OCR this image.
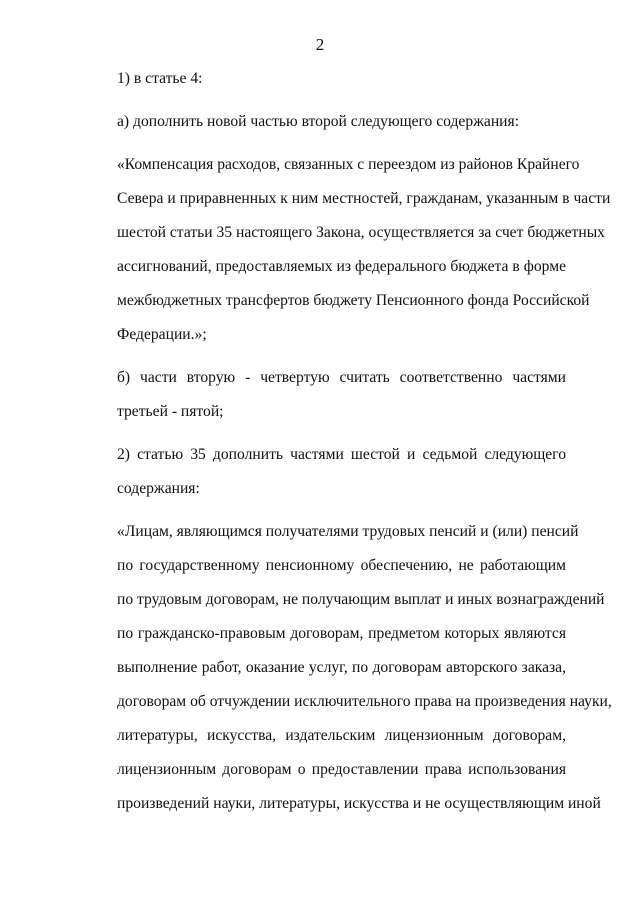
2
1) в статье 4:
а) дополнить новой частью второй следующего содержания:
«Компенсация расходов, связанных с переездом из районов Крайнего
Севера и приравненных к ним местностей, гражданам, указанным в части
шестой статьи 35 настоящего Закона, осуществляется за счет бюджетных
ассигнований, предоставляемых из федерального бюджета в форме
межбюджетных трансфертов бюджету Пенсионного фонда Российской
Федерации.»;
б) части вторую - четвертую считать соответственно частями
третьей - пятой;
2) статью 35 дополнить частями шестой и седьмой следующего
содержания:
«Лицам, являющимся получателями трудовых пенсий и (или) пенсий
по государственному пенсионному обеспечению, не работающим
по трудовым договорам, не получающим выплат и иных вознаграждений
по гражданско-правовым договорам, предметом которых являются
выполнение работ, оказание услуг, по договорам авторского заказа,
договорам об отчуждении исключительного права на произведения науки,
литературы, искусства, издательским лицензионным договорам,
лицензионным договорам о предоставлении права использования
произведений науки, литературы, искусства и не осуществляющим иной
